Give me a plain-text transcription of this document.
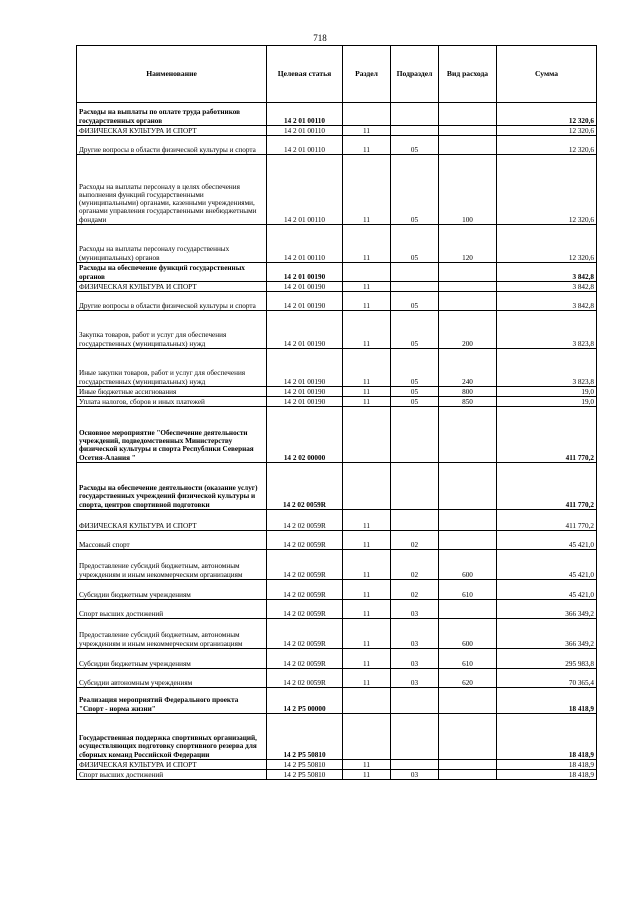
718
Наименование	Целевая статья	Раздел	Подраздел	Вид расхода	Сумма
Расходы на выплаты по оплате труда работников государственных органов	14 2 01 00110				12 320,6
ФИЗИЧЕСКАЯ КУЛЬТУРА И СПОРТ	14 2 01 00110	11			12 320,6
Другие вопросы в области физической культуры и спорта	14 2 01 00110	11	05		12 320,6
Расходы на выплаты персоналу в целях обеспечения выполнения функций государственными (муниципальными) органами, казенными учреждениями, органами управления государственными внебюджетными фондами	14 2 01 00110	11	05	100	12 320,6
Расходы на выплаты персоналу государственных (муниципальных) органов	14 2 01 00110	11	05	120	12 320,6
Расходы на обеспечение функций государственных органов	14 2 01 00190				3 842,8
ФИЗИЧЕСКАЯ КУЛЬТУРА И СПОРТ	14 2 01 00190	11			3 842,8
Другие вопросы в области физической культуры и спорта	14 2 01 00190	11	05		3 842,8
Закупка товаров, работ и услуг для обеспечения государственных (муниципальных) нужд	14 2 01 00190	11	05	200	3 823,8
Иные закупки товаров, работ и услуг для обеспечения государственных (муниципальных) нужд	14 2 01 00190	11	05	240	3 823,8
Иные бюджетные ассигнования	14 2 01 00190	11	05	800	19,0
Уплата налогов, сборов и иных платежей	14 2 01 00190	11	05	850	19,0
Основное мероприятие "Обеспечение деятельности учреждений, подведомственных Министерству физической культуры и спорта Республики Северная Осетия-Алания "	14 2 02 00000				411 770,2
Расходы на обеспечение деятельности (оказание услуг) государственных учреждений физической культуры и спорта, центров спортивной подготовки	14 2 02 0059R				411 770,2
ФИЗИЧЕСКАЯ КУЛЬТУРА И СПОРТ	14 2 02 0059R	11			411 770,2
Массовый спорт	14 2 02 0059R	11	02		45 421,0
Предоставление субсидий бюджетным, автономным учреждениям и иным некоммерческим организациям	14 2 02 0059R	11	02	600	45 421,0
Субсидии бюджетным учреждениям	14 2 02 0059R	11	02	610	45 421,0
Спорт высших достижений	14 2 02 0059R	11	03		366 349,2
Предоставление субсидий бюджетным, автономным учреждениям и иным некоммерческим организациям	14 2 02 0059R	11	03	600	366 349,2
Субсидии бюджетным учреждениям	14 2 02 0059R	11	03	610	295 983,8
Субсидии автономным учреждениям	14 2 02 0059R	11	03	620	70 365,4
Реализация мероприятий Федерального проекта "Спорт - норма жизни"	14 2 P5 00000				18 418,9
Государственная поддержка спортивных организаций, осуществляющих подготовку спортивного резерва для сборных команд Российской Федерации	14 2 P5 50810				18 418,9
ФИЗИЧЕСКАЯ КУЛЬТУРА И СПОРТ	14 2 P5 50810	11			18 418,9
Спорт высших достижений	14 2 P5 50810	11	03		18 418,9
